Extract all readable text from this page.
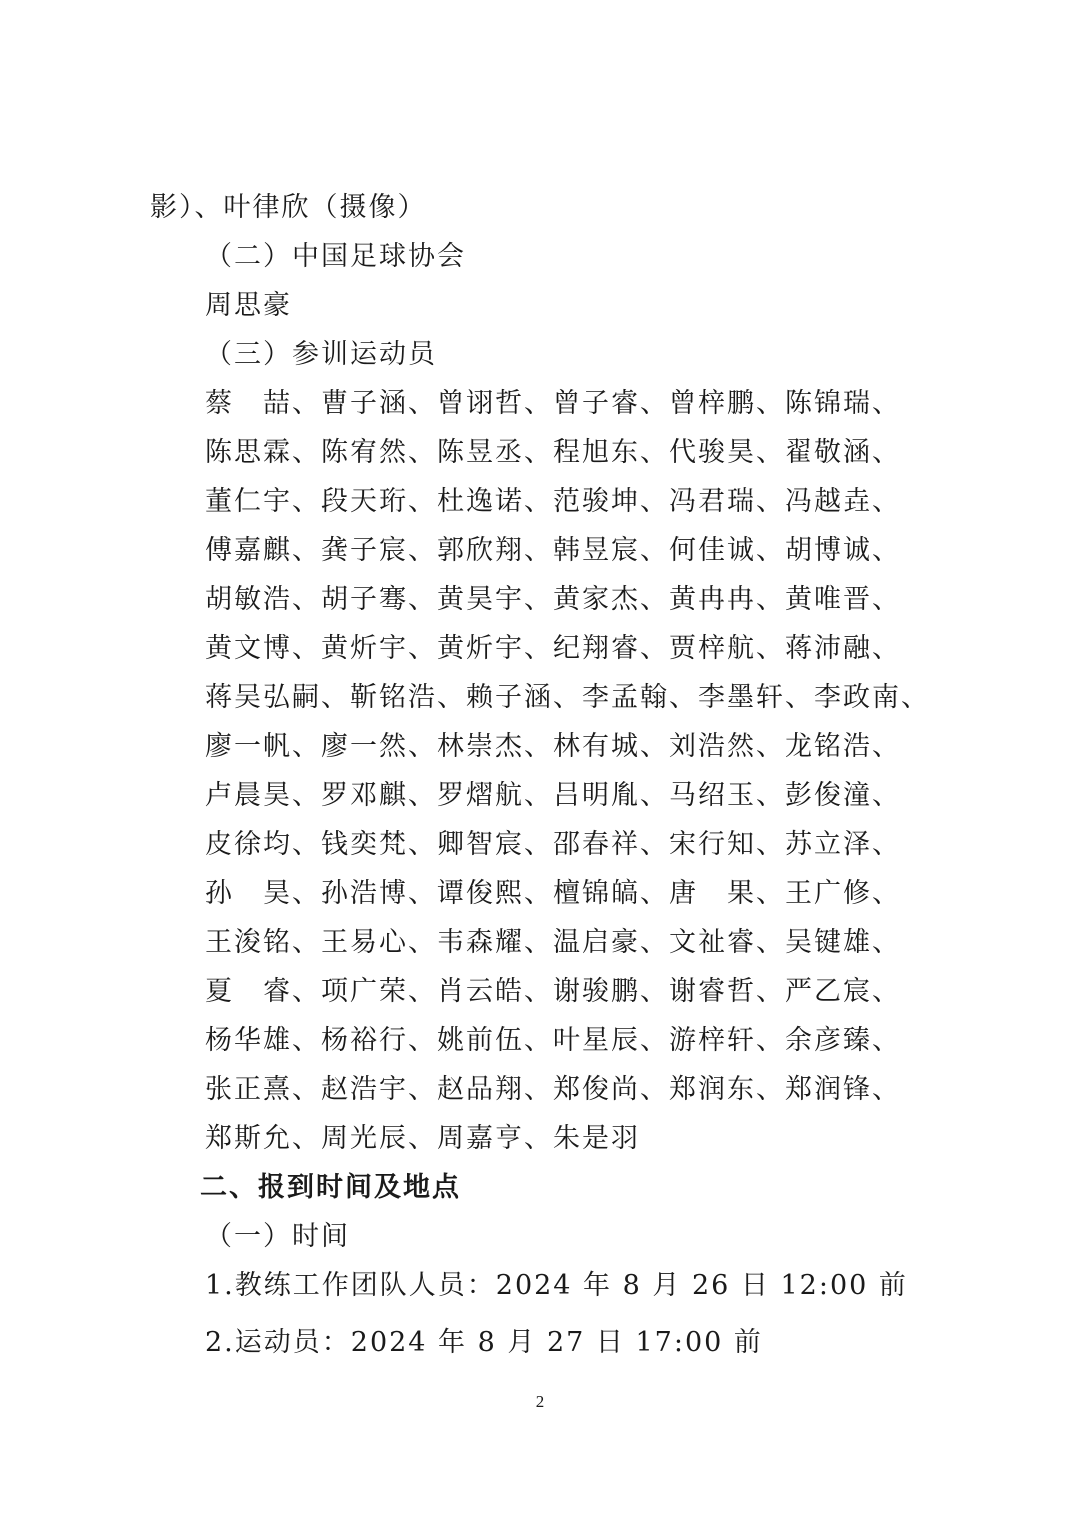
影）、叶律欣（摄像）
（二）中国足球协会
周思豪
（三）参训运动员
蔡　喆、曹子涵、曾诩哲、曾子睿、曾梓鹏、陈锦瑞、
陈思霖、陈宥然、陈昱丞、程旭东、代骏昊、翟敬涵、
董仁宇、段天珩、杜逸诺、范骏坤、冯君瑞、冯越垚、
傅嘉麒、龚子宸、郭欣翔、韩昱宸、何佳诚、胡博诚、
胡敏浩、胡子骞、黄昊宇、黄家杰、黄冉冉、黄唯晋、
黄文博、黄炘宇、黄炘宇、纪翔睿、贾梓航、蒋沛融、
蒋吴弘嗣、靳铭浩、赖子涵、李孟翰、李墨轩、李政南、
廖一帆、廖一然、林崇杰、林有城、刘浩然、龙铭浩、
卢晨昊、罗邓麒、罗熠航、吕明胤、马绍玉、彭俊潼、
皮徐均、钱奕梵、卿智宸、邵春祥、宋行知、苏立泽、
孙　昊、孙浩博、谭俊熙、檀锦皜、唐　果、王广修、
王浚铭、王易心、韦森耀、温启豪、文祉睿、吴键雄、
夏　睿、项广荣、肖云皓、谢骏鹏、谢睿哲、严乙宸、
杨华雄、杨裕行、姚前伍、叶星辰、游梓轩、余彦臻、
张正熹、赵浩宇、赵品翔、郑俊尚、郑润东、郑润锋、
郑斯允、周光辰、周嘉亨、朱是羽
二、报到时间及地点
（一）时间
1.教练工作团队人员：2024 年 8 月 26 日 12:00 前
2.运动员：2024 年 8 月 27 日 17:00 前
2
